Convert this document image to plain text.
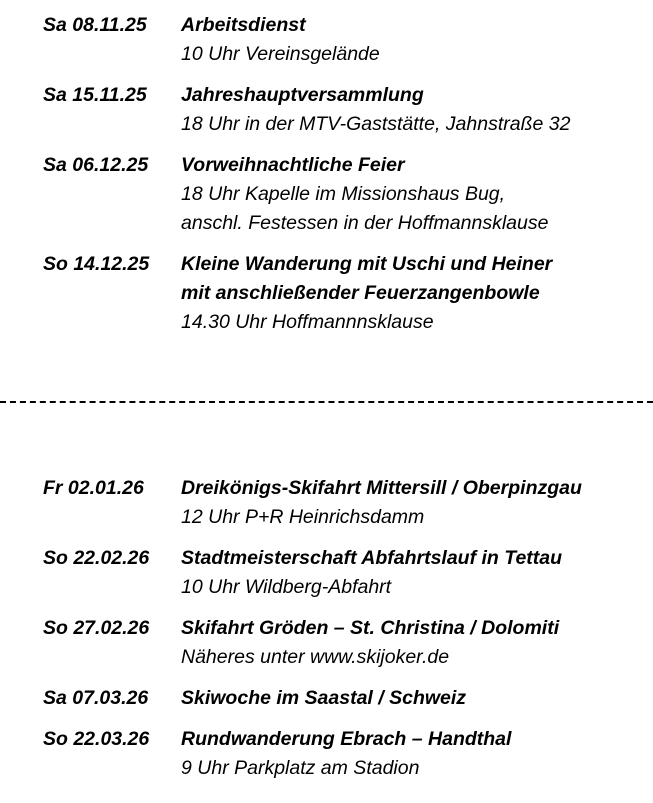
Sa 08.11.25	Arbeitsdienst
10 Uhr Vereinsgelände
Sa 15.11.25	Jahreshauptversammlung
18 Uhr in der MTV-Gaststätte, Jahnstraße 32
Sa 06.12.25	Vorweihnachtliche Feier
18 Uhr Kapelle im Missionshaus Bug,
anschl. Festessen in der Hoffmannsklause
So 14.12.25	Kleine Wanderung mit Uschi und Heiner
mit anschließender Feuerzangenbowle
14.30 Uhr Hoffmannnsklause
Fr 02.01.26	Dreikönigs-Skifahrt Mittersill / Oberpinzgau
12 Uhr P+R Heinrichsdamm
So 22.02.26	Stadtmeisterschaft Abfahrtslauf in Tettau
10 Uhr Wildberg-Abfahrt
So 27.02.26	Skifahrt Gröden – St. Christina / Dolomiti
Näheres unter www.skijoker.de
Sa 07.03.26	Skiwoche im Saastal / Schweiz
So 22.03.26	Rundwanderung Ebrach – Handthal
9 Uhr Parkplatz am Stadion
